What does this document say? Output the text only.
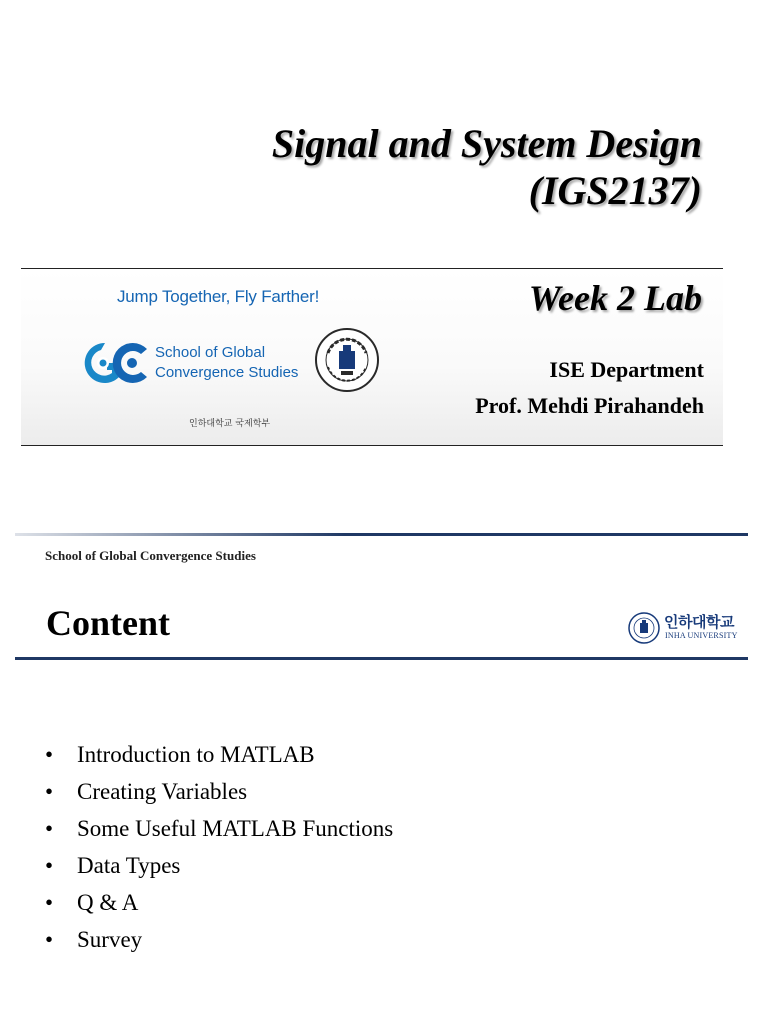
Signal and System Design
(IGS2137)
Jump Together, Fly Farther!
School of Global
Convergence Studies
인하대학교 국제학부
Week 2 Lab
ISE Department
Prof. Mehdi Pirahandeh
School of Global Convergence Studies
Content	인하대학교
INHA UNIVERSITY
• Introduction to MATLAB
• Creating Variables
• Some Useful MATLAB Functions
• Data Types
• Q & A
• Survey
